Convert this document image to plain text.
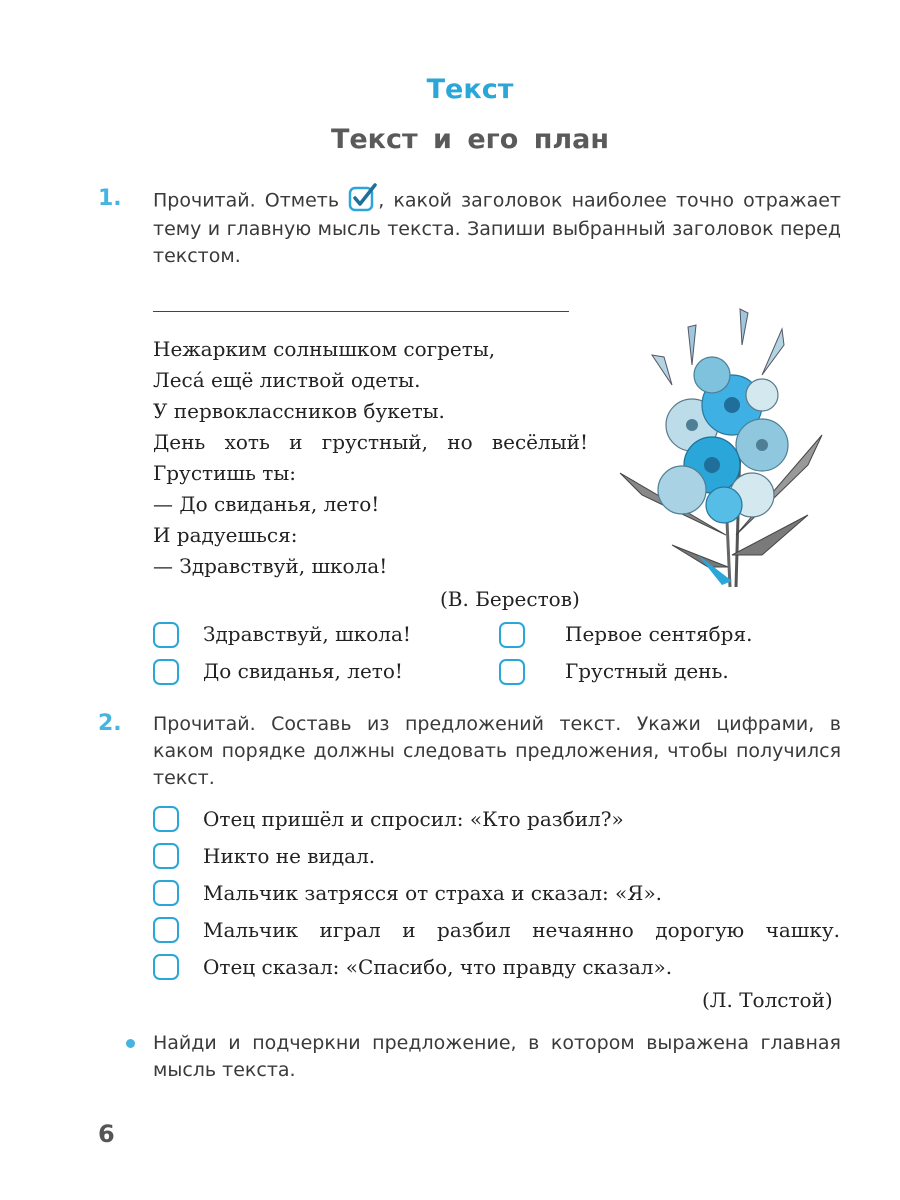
Текст
Текст и его план
1. Прочитай. Отметь , какой заголовок наиболее точно отражает тему и главную мысль текста. Запиши выбранный заголовок перед текстом.
Нежарким солнышком согреты,
Леса́ ещё листвой одеты.
У первоклассников букеты.
День хоть и грустный, но весёлый!
Грустишь ты:
— До свиданья, лето!
И радуешься:
— Здравствуй, школа!
(В. Берестов)
Здравствуй, школа!	Первое сентября.
До свиданья, лето!	Грустный день.
2. Прочитай. Составь из предложений текст. Укажи цифрами, в каком порядке должны следовать предложения, чтобы получился текст.
Отец пришёл и спросил: «Кто разбил?»
Никто не видал.
Мальчик затрясся от страха и сказал: «Я».
Мальчик играл и разбил нечаянно дорогую чашку.
Отец сказал: «Спасибо, что правду сказал».
(Л. Толстой)
Найди и подчеркни предложение, в котором выражена главная мысль текста.
6
